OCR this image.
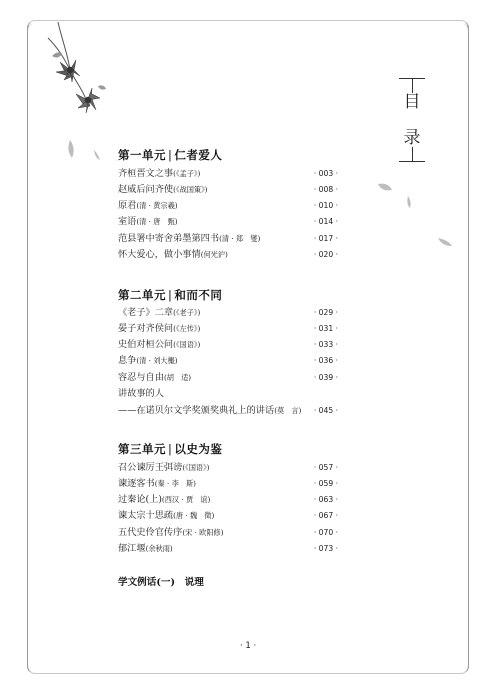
目
录
第一单元 | 仁者爱人
齐桓晋文之事(《孟子》)	· 003 ·
赵威后问齐使(《战国策》)	· 008 ·
原君(清 · 黄宗羲)	· 010 ·
室语(清 · 唐　甄)	· 014 ·
范县署中寄舍弟墨第四书(清 · 郑　燮)	· 017 ·
怀大爱心，做小事情(何光沪)	· 020 ·
第二单元 | 和而不同
《老子》二章(《老子》)	· 029 ·
晏子对齐侯问(《左传》)	· 031 ·
史伯对桓公问(《国语》)	· 033 ·
息争(清 · 刘大櫆)	· 036 ·
容忍与自由(胡　适)	· 039 ·
讲故事的人
——在诺贝尔文学奖颁奖典礼上的讲话(莫　言) · 045 ·
第三单元 | 以史为鉴
召公谏厉王弭谤(《国语》)	· 057 ·
谏逐客书(秦 · 李　斯)	· 059 ·
过秦论(上)(西汉 · 贾　谊)	· 063 ·
谏太宗十思疏(唐 · 魏　徵)	· 067 ·
五代史伶官传序(宋 · 欧阳修)	· 070 ·
郁江堰(余秋雨)	· 073 ·
学文例话(一)　说理
· 1 ·
